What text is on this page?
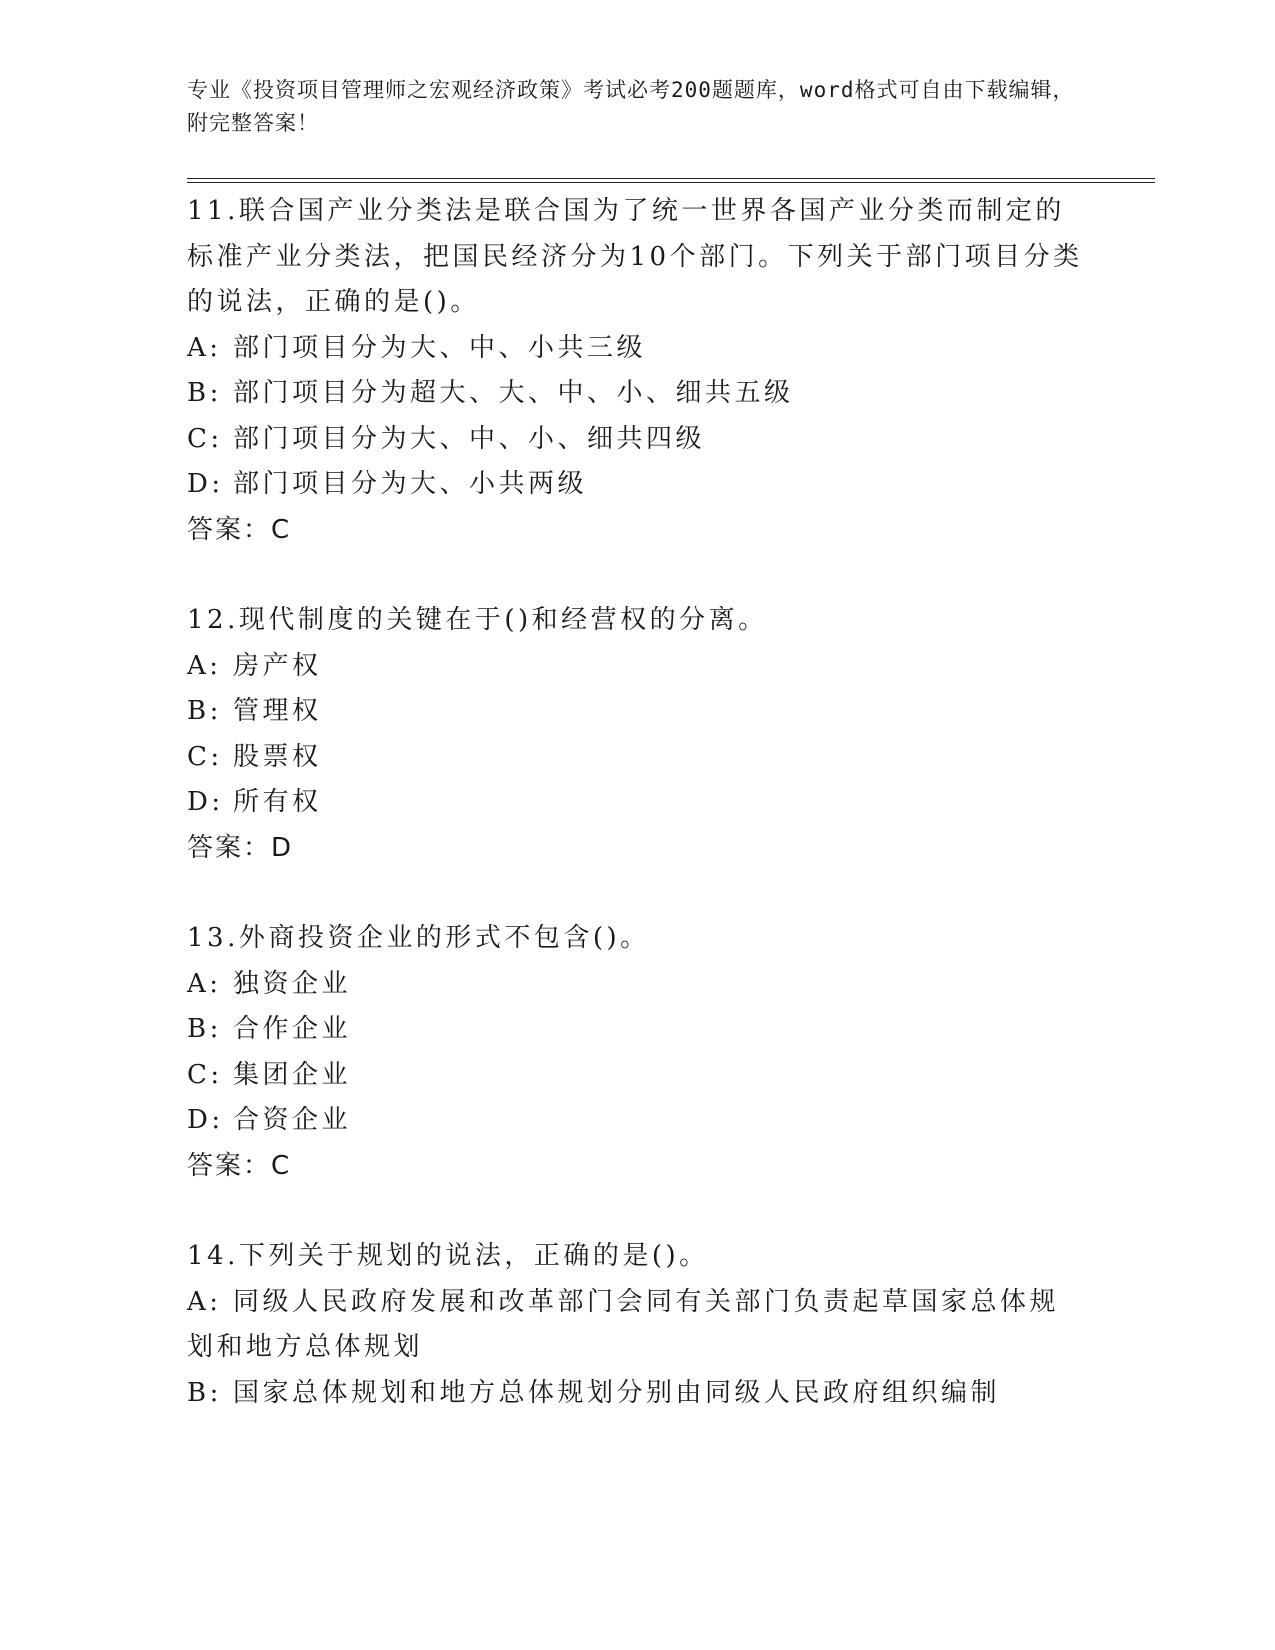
专业《投资项目管理师之宏观经济政策》考试必考200题题库，word格式可自由下载编辑，附完整答案！

11.联合国产业分类法是联合国为了统一世界各国产业分类而制定的标准产业分类法，把国民经济分为10个部门。下列关于部门项目分类的说法，正确的是()。

A: 部门项目分为大、中、小共三级

B: 部门项目分为超大、大、中、小、细共五级

C: 部门项目分为大、中、小、细共四级

D: 部门项目分为大、小共两级

答案：C

12.现代制度的关键在于()和经营权的分离。

A: 房产权

B: 管理权

C: 股票权

D: 所有权

答案：D

13.外商投资企业的形式不包含()。

A: 独资企业

B: 合作企业

C: 集团企业

D: 合资企业

答案：C

14.下列关于规划的说法，正确的是()。

A: 同级人民政府发展和改革部门会同有关部门负责起草国家总体规划和地方总体规划

B: 国家总体规划和地方总体规划分别由同级人民政府组织编制
